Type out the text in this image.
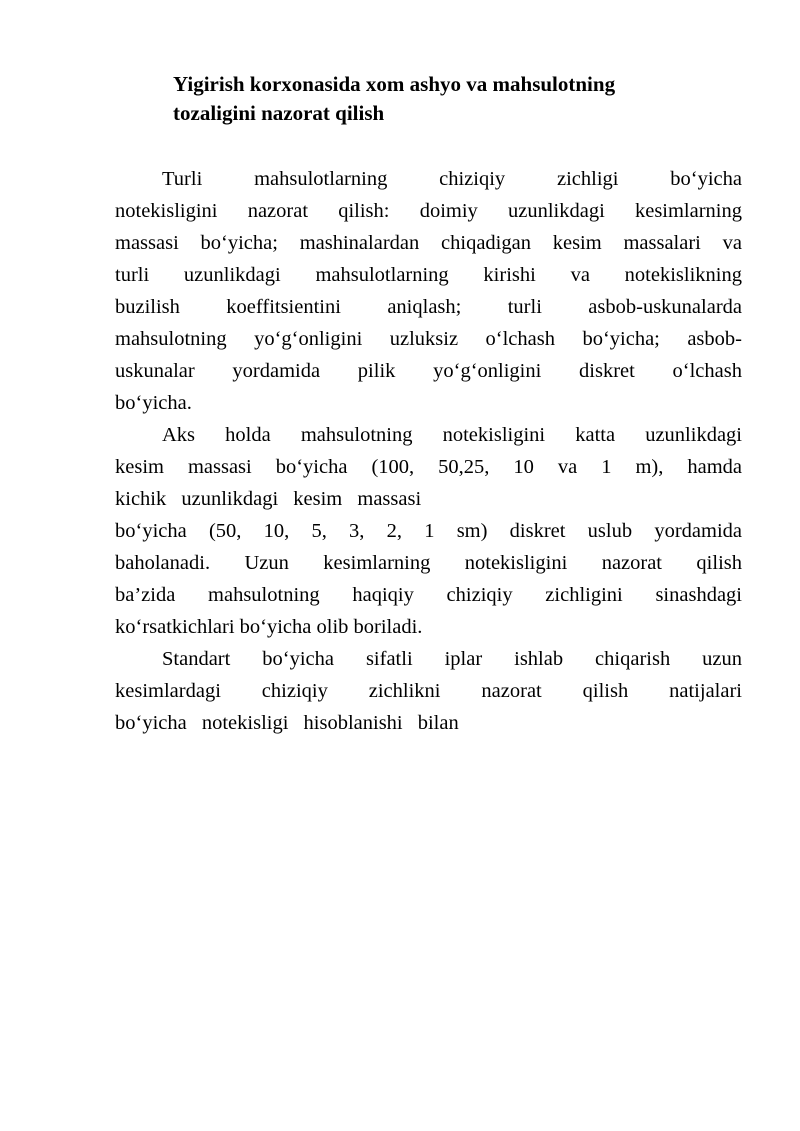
Yigirish korxonasida xom ashyo va mahsulotning
tozaligini nazorat qilish

Turli mahsulotlarning chiziqiy zichligi bo‘yicha
notekisligini nazorat qilish: doimiy uzunlikdagi kesimlarning
massasi bo‘yicha; mashinalardan chiqadigan kesim massalari va
turli uzunlikdagi mahsulotlarning kirishi va notekislikning
buzilish koeffitsientini aniqlash; turli asbob-uskunalarda
mahsulotning yo‘g‘onligini uzluksiz o‘lchash bo‘yicha; asbob-
uskunalar yordamida pilik yo‘g‘onligini diskret o‘lchash
bo‘yicha.

Aks holda mahsulotning notekisligini katta uzunlikdagi
kesim massasi bo‘yicha (100, 50,25, 10 va 1 m), hamda
kichik uzunlikdagi kesim massasi
bo‘yicha (50, 10, 5, 3, 2, 1 sm) diskret uslub yordamida
baholanadi. Uzun kesimlarning notekisligini nazorat qilish
ba’zida mahsulotning haqiqiy chiziqiy zichligini sinashdagi
ko‘rsatkichlari bo‘yicha olib boriladi.

Standart bo‘yicha sifatli iplar ishlab chiqarish uzun
kesimlardagi chiziqiy zichlikni nazorat qilish natijalari
bo‘yicha notekisligi hisoblanishi bilan
